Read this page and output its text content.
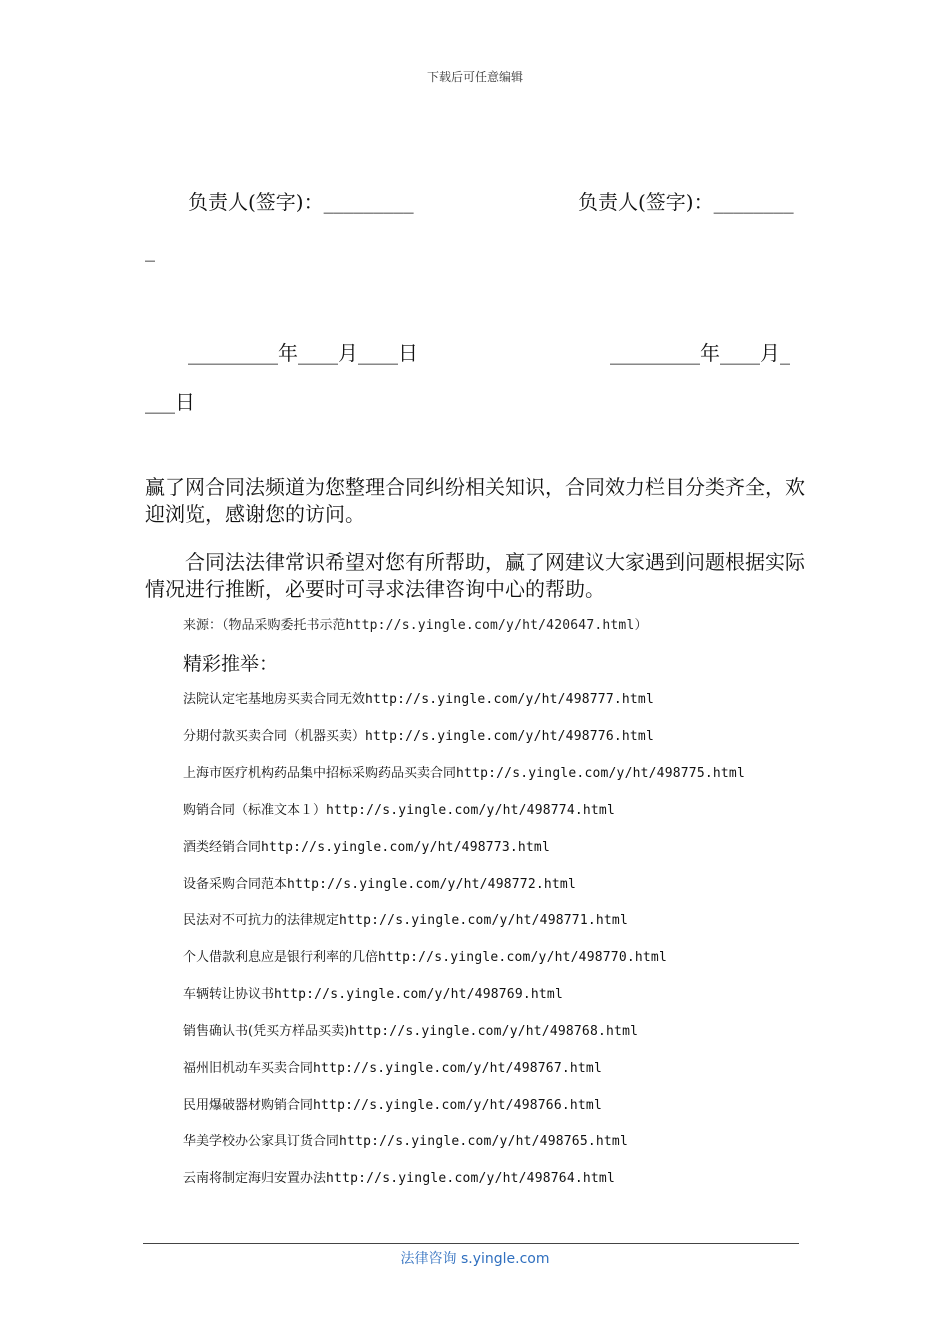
下载后可任意编辑
负责人(签字)：_________	负责人(签字)：________
_
_________年____月____日	_________年____月_
___日
赢了网合同法频道为您整理合同纠纷相关知识，合同效力栏目分类齐全，欢迎浏览，感谢您的访问。
合同法法律常识希望对您有所帮助，赢了网建议大家遇到问题根据实际情况进行推断，必要时可寻求法律咨询中心的帮助。
来源：（物品采购委托书示范http://s.yingle.com/y/ht/420647.html）
精彩推举：
法院认定宅基地房买卖合同无效http://s.yingle.com/y/ht/498777.html
分期付款买卖合同（机器买卖）http://s.yingle.com/y/ht/498776.html
上海市医疗机构药品集中招标采购药品买卖合同http://s.yingle.com/y/ht/498775.html
购销合同（标准文本１）http://s.yingle.com/y/ht/498774.html
酒类经销合同http://s.yingle.com/y/ht/498773.html
设备采购合同范本http://s.yingle.com/y/ht/498772.html
民法对不可抗力的法律规定http://s.yingle.com/y/ht/498771.html
个人借款利息应是银行利率的几倍http://s.yingle.com/y/ht/498770.html
车辆转让协议书http://s.yingle.com/y/ht/498769.html
销售确认书(凭买方样品买卖)http://s.yingle.com/y/ht/498768.html
福州旧机动车买卖合同http://s.yingle.com/y/ht/498767.html
民用爆破器材购销合同http://s.yingle.com/y/ht/498766.html
华美学校办公家具订货合同http://s.yingle.com/y/ht/498765.html
云南将制定海归安置办法http://s.yingle.com/y/ht/498764.html
法律咨询 s.yingle.com
